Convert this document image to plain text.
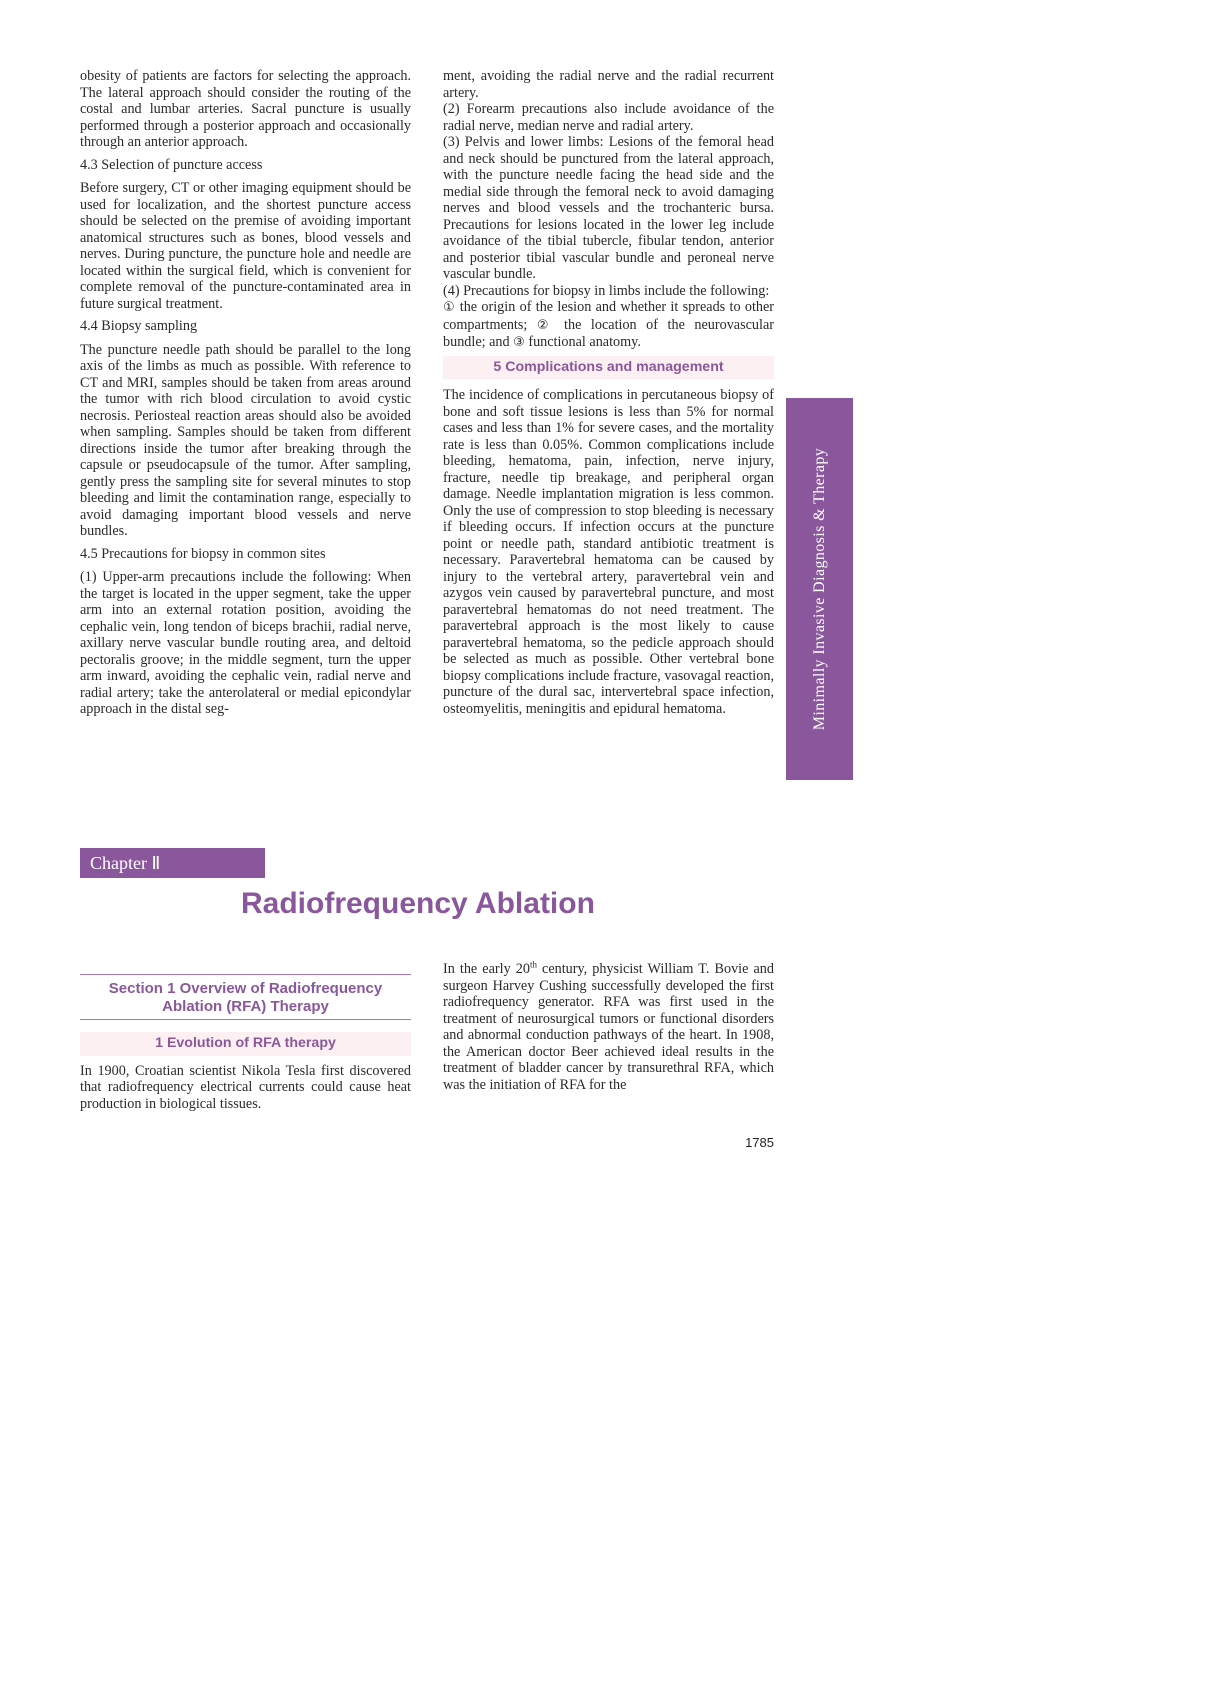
obesity of patients are factors for selecting the approach. The lateral approach should consider the routing of the costal and lumbar arteries. Sacral puncture is usually performed through a posterior approach and occasionally through an anterior approach.

4.3 Selection of puncture access

Before surgery, CT or other imaging equipment should be used for localization, and the shortest puncture access should be selected on the premise of avoiding important anatomical structures such as bones, blood vessels and nerves. During puncture, the puncture hole and needle are located within the surgical field, which is convenient for complete removal of the puncture-contaminated area in future surgical treatment.

4.4 Biopsy sampling

The puncture needle path should be parallel to the long axis of the limbs as much as possible. With reference to CT and MRI, samples should be taken from areas around the tumor with rich blood circulation to avoid cystic necrosis. Periosteal reaction areas should also be avoided when sampling. Samples should be taken from different directions inside the tumor after breaking through the capsule or pseudocapsule of the tumor. After sampling, gently press the sampling site for several minutes to stop bleeding and limit the contamination range, especially to avoid damaging important blood vessels and nerve bundles.

4.5 Precautions for biopsy in common sites

(1) Upper-arm precautions include the following: When the target is located in the upper segment, take the upper arm into an external rotation position, avoiding the cephalic vein, long tendon of biceps brachii, radial nerve, axillary nerve vascular bundle routing area, and deltoid pectoralis groove; in the middle segment, turn the upper arm inward, avoiding the cephalic vein, radial nerve and radial artery; take the anterolateral or medial epicondylar approach in the distal seg-

ment, avoiding the radial nerve and the radial recurrent artery.

(2) Forearm precautions also include avoidance of the radial nerve, median nerve and radial artery.

(3) Pelvis and lower limbs: Lesions of the femoral head and neck should be punctured from the lateral approach, with the puncture needle facing the head side and the medial side through the femoral neck to avoid damaging nerves and blood vessels and the trochanteric bursa. Precautions for lesions located in the lower leg include avoidance of the tibial tubercle, fibular tendon, anterior and posterior tibial vascular bundle and peroneal nerve vascular bundle.

(4) Precautions for biopsy in limbs include the following:

① the origin of the lesion and whether it spreads to other compartments; ② the location of the neurovascular bundle; and ③ functional anatomy.

5 Complications and management

The incidence of complications in percutaneous biopsy of bone and soft tissue lesions is less than 5% for normal cases and less than 1% for severe cases, and the mortality rate is less than 0.05%. Common complications include bleeding, hematoma, pain, infection, nerve injury, fracture, needle tip breakage, and peripheral organ damage. Needle implantation migration is less common. Only the use of compression to stop bleeding is necessary if bleeding occurs. If infection occurs at the puncture point or needle path, standard antibiotic treatment is necessary. Paravertebral hematoma can be caused by injury to the vertebral artery, paravertebral vein and azygos vein caused by paravertebral puncture, and most paravertebral hematomas do not need treatment. The paravertebral approach is the most likely to cause paravertebral hematoma, so the pedicle approach should be selected as much as possible. Other vertebral bone biopsy complications include fracture, vasovagal reaction, puncture of the dural sac, intervertebral space infection, osteomyelitis, meningitis and epidural hematoma.	Minimally Invasive Diagnosis & Therapy
Chapter Ⅱ
Radiofrequency Ablation
Section 1 Overview of Radiofrequency
Ablation (RFA) Therapy
1 Evolution of RFA therapy

In 1900, Croatian scientist Nikola Tesla first discovered that radiofrequency electrical currents could cause heat production in biological tissues.

In the early 20th century, physicist William T. Bovie and surgeon Harvey Cushing successfully developed the first radiofrequency generator. RFA was first used in the treatment of neurosurgical tumors or functional disorders and abnormal conduction pathways of the heart. In 1908, the American doctor Beer achieved ideal results in the treatment of bladder cancer by transurethral RFA, which was the initiation of RFA for the

1785
